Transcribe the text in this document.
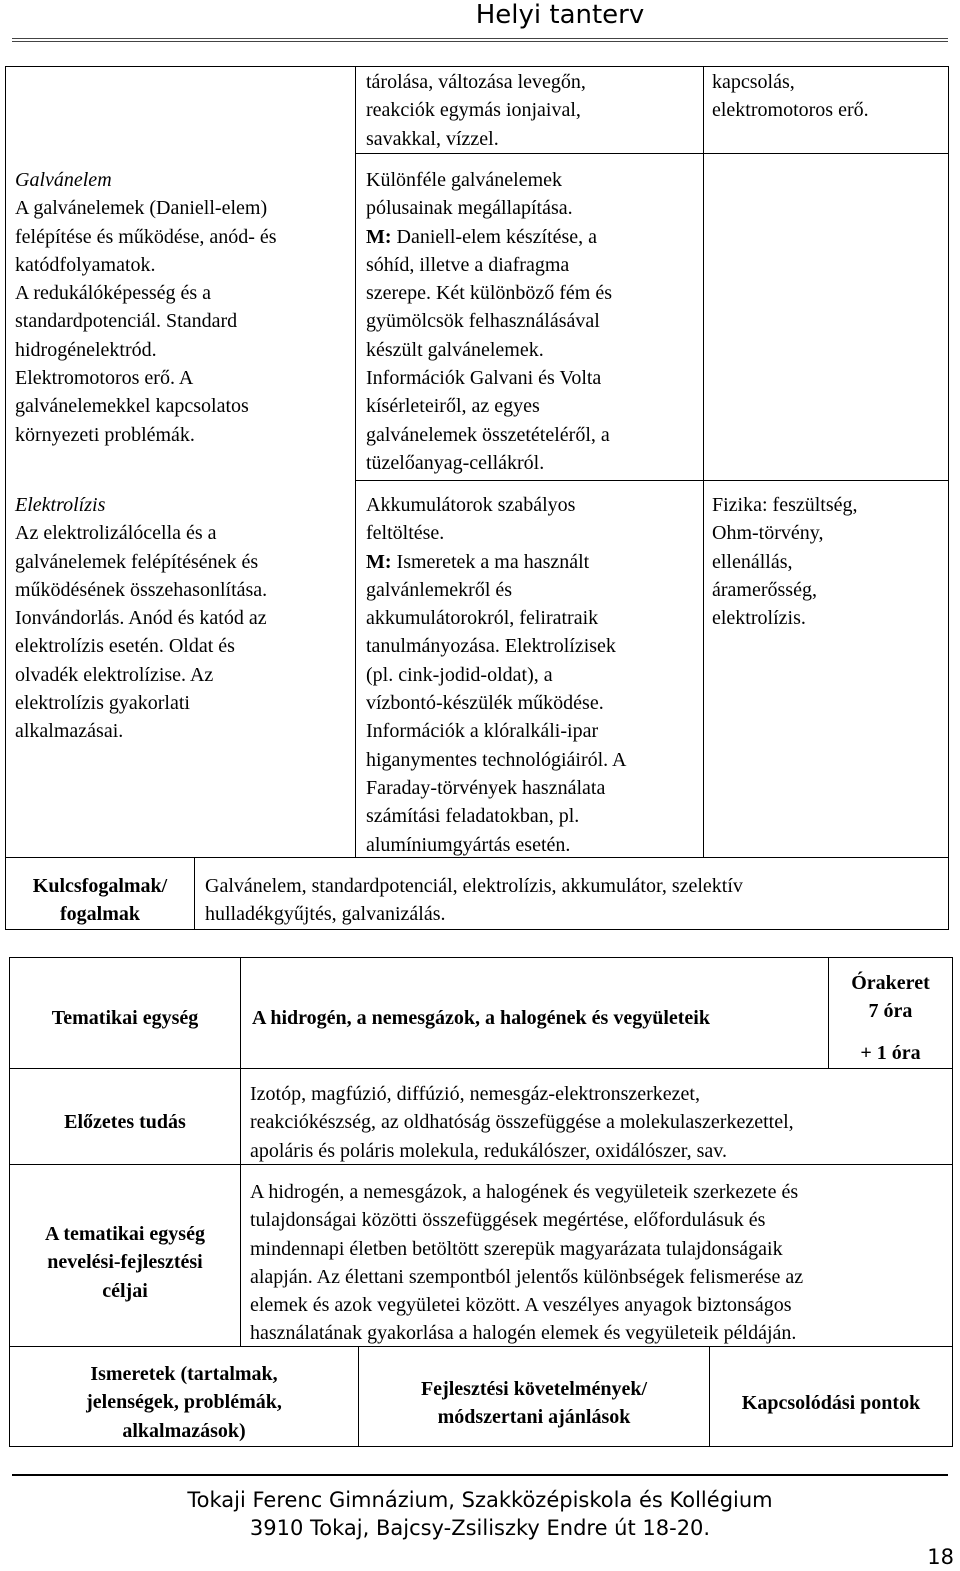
Helyi tanterv
Galvánelem
A galvánelemek (Daniell-elem)
felépítése és működése, anód- és
katódfolyamatok.
A redukálóképesség és a
standardpotenciál. Standard
hidrogénelektród.
Elektromotoros erő. A
galvánelemekkel kapcsolatos
környezeti problémák.
Elektrolízis
Az elektrolizálócella és a
galvánelemek felépítésének és
működésének összehasonlítása.
Ionvándorlás. Anód és katód az
elektrolízis esetén. Oldat és
olvadék elektrolízise. Az
elektrolízis gyakorlati
alkalmazásai.
tárolása, változása levegőn,
reakciók egymás ionjaival,
savakkal, vízzel.
Különféle galvánelemek
pólusainak megállapítása.
M: Daniell-elem készítése, a
sóhíd, illetve a diafragma
szerepe. Két különböző fém és
gyümölcsök felhasználásával
készült galvánelemek.
Információk Galvani és Volta
kísérleteiről, az egyes
galvánelemek összetételéről, a
tüzelőanyag-cellákról.
Akkumulátorok szabályos
feltöltése.
M: Ismeretek a ma használt
galvánlemekről és
akkumulátorokról, feliratraik
tanulmányozása. Elektrolízisek
(pl. cink-jodid-oldat), a
vízbontó-készülék működése.
Információk a klóralkáli-ipar
higanymentes technológiáiról. A
Faraday-törvények használata
számítási feladatokban, pl.
alumíniumgyártás esetén.
kapcsolás,
elektromotoros erő.
Fizika: feszültség,
Ohm-törvény,
ellenállás,
áramerősség,
elektrolízis.
Kulcsfogalmak/
fogalmak
Galvánelem, standardpotenciál, elektrolízis, akkumulátor, szelektív
hulladékgyűjtés, galvanizálás.
Tematikai egység	A hidrogén, a nemesgázok, a halogének és vegyületeik
Órakeret
7 óra
+ 1 óra
Előzetes tudás
Izotóp, magfúzió, diffúzió, nemesgáz-elektronszerkezet,
reakciókészség, az oldhatóság összefüggése a molekulaszerkezettel,
apoláris és poláris molekula, redukálószer, oxidálószer, sav.
A tematikai egység
nevelési-fejlesztési
céljai
A hidrogén, a nemesgázok, a halogének és vegyületeik szerkezete és
tulajdonságai közötti összefüggések megértése, előfordulásuk és
mindennapi életben betöltött szerepük magyarázata tulajdonságaik
alapján. Az élettani szempontból jelentős különbségek felismerése az
elemek és azok vegyületei között. A veszélyes anyagok biztonságos
használatának gyakorlása a halogén elemek és vegyületeik példáján.
Ismeretek (tartalmak,
jelenségek, problémák,
alkalmazások)
Fejlesztési követelmények/
módszertani ajánlások
Kapcsolódási pontok
Tokaji Ferenc Gimnázium, Szakközépiskola és Kollégium
3910 Tokaj, Bajcsy-Zsiliszky Endre út 18-20.
18
